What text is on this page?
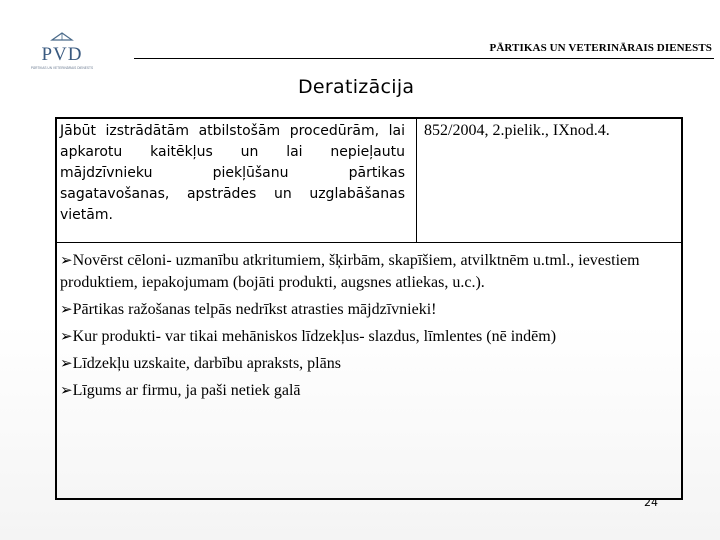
PVD
PĀRTIKAS UN VETERINĀRAIS DIENESTS
PĀRTIKAS UN VETERINĀRAIS DIENESTS
Deratizācija
Jābūt izstrādātām atbilstošām procedūrām, lai apkarotu kaitēkļus un lai nepieļautu mājdzīvnieku piekļūšanu pārtikas sagatavošanas, apstrādes un uzglabāšanas vietām.
852/2004, 2.pielik., IXnod.4.
➢Novērst cēloni- uzmanību atkritumiem, šķirbām, skapīšiem, atvilktnēm u.tml., ievestiem produktiem, iepakojumam (bojāti produkti, augsnes atliekas, u.c.).
➢Pārtikas ražošanas telpās nedrīkst atrasties mājdzīvnieki!
➢Kur produkti- var tikai mehāniskos līdzekļus- slazdus, līmlentes (nē indēm)
➢Līdzekļu uzskaite, darbību apraksts, plāns
➢Līgums ar firmu, ja paši netiek galā
24
